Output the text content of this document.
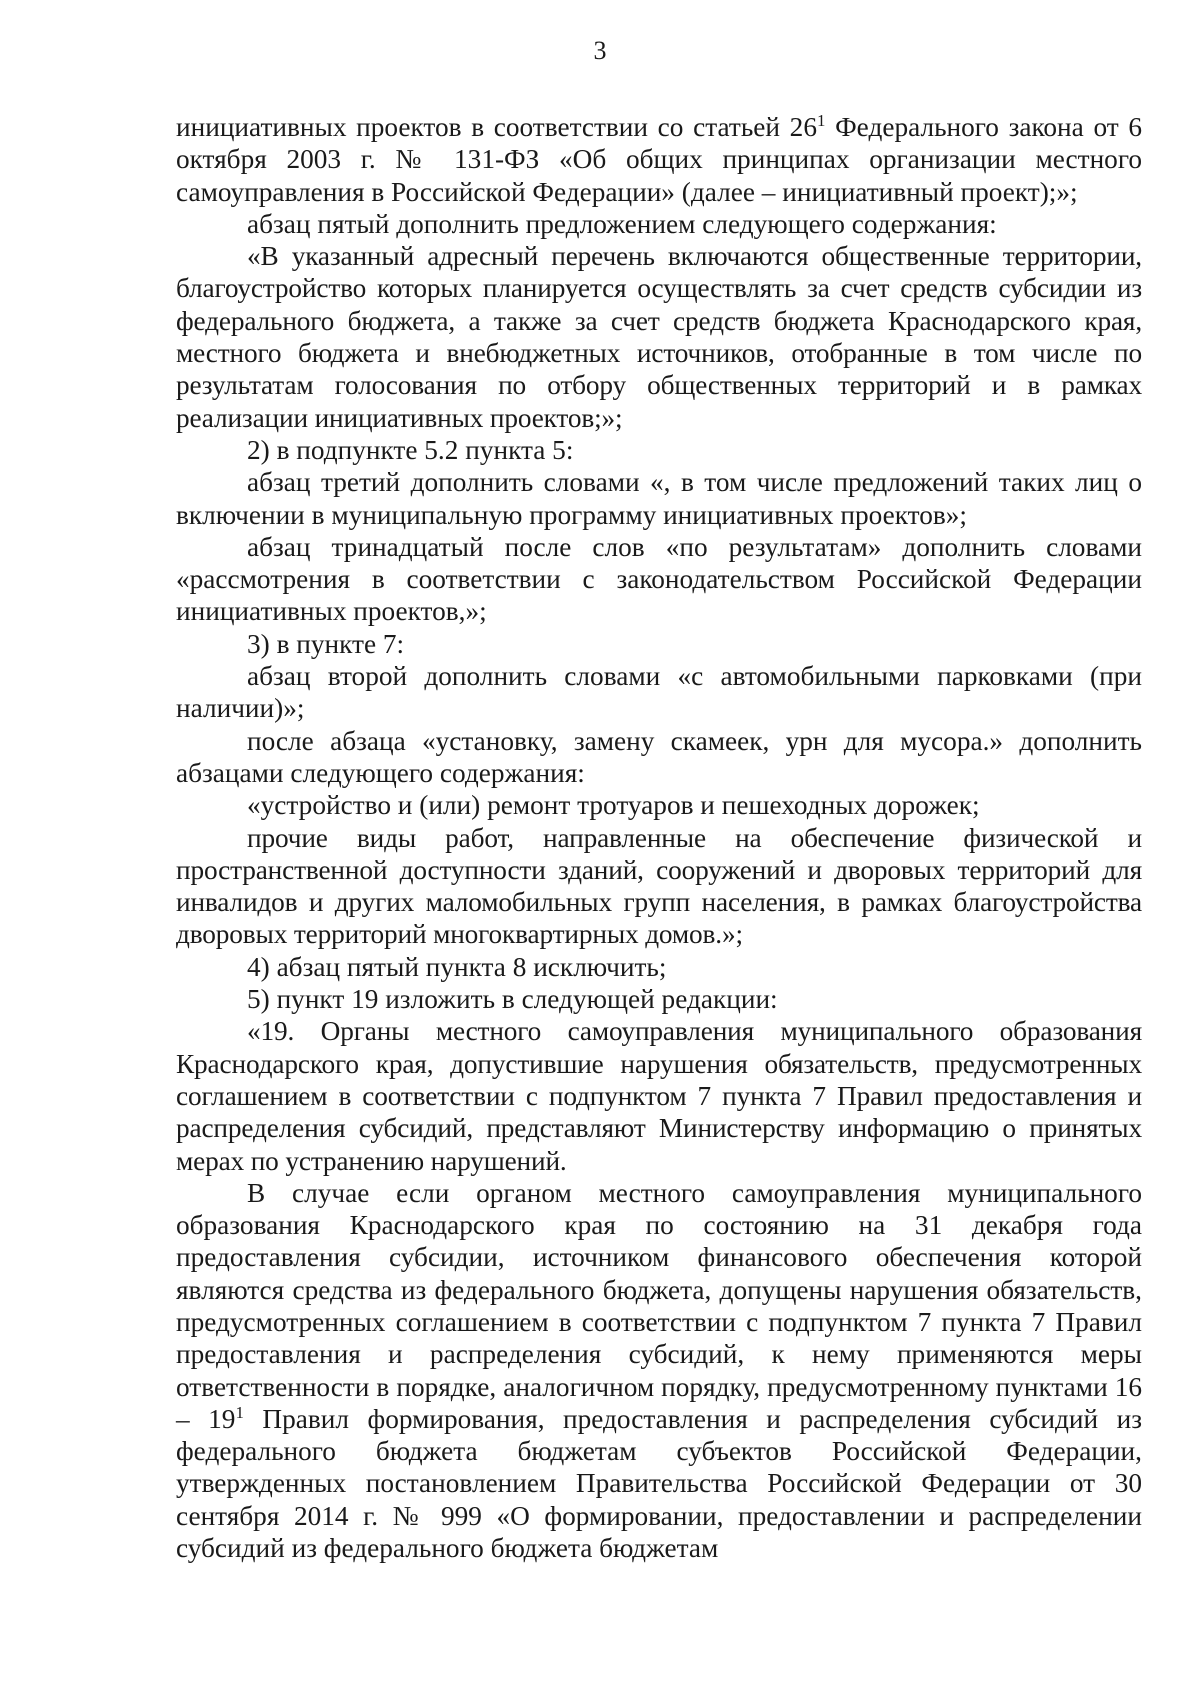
3

инициативных проектов в соответствии со статьей $26^1$ Федерального закона от 6 октября 2003 г. № 131-ФЗ «Об общих принципах организации местного самоуправления в Российской Федерации» (далее – инициативный проект);»;

абзац пятый дополнить предложением следующего содержания:

«В указанный адресный перечень включаются общественные территории, благоустройство которых планируется осуществлять за счет средств субсидии из федерального бюджета, а также за счет средств бюджета Краснодарского края, местного бюджета и внебюджетных источников, отобранные в том числе по результатам голосования по отбору общественных территорий и в рамках реализации инициативных проектов;»;

2) в подпункте 5.2 пункта 5:

абзац третий дополнить словами «, в том числе предложений таких лиц о включении в муниципальную программу инициативных проектов»;

абзац тринадцатый после слов «по результатам» дополнить словами «рассмотрения в соответствии с законодательством Российской Федерации инициативных проектов,»;

3) в пункте 7:

абзац второй дополнить словами «с автомобильными парковками (при наличии)»;

после абзаца «установку, замену скамеек, урн для мусора.» дополнить абзацами следующего содержания:

«устройство и (или) ремонт тротуаров и пешеходных дорожек;

прочие виды работ, направленные на обеспечение физической и пространственной доступности зданий, сооружений и дворовых территорий для инвалидов и других маломобильных групп населения, в рамках благоустройства дворовых территорий многоквартирных домов.»;

4) абзац пятый пункта 8 исключить;

5) пункт 19 изложить в следующей редакции:

«19. Органы местного самоуправления муниципального образования Краснодарского края, допустившие нарушения обязательств, предусмотренных соглашением в соответствии с подпунктом 7 пункта 7 Правил предоставления и распределения субсидий, представляют Министерству информацию о принятых мерах по устранению нарушений.

В случае если органом местного самоуправления муниципального образования Краснодарского края по состоянию на 31 декабря года предоставления субсидии, источником финансового обеспечения которой являются средства из федерального бюджета, допущены нарушения обязательств, предусмотренных соглашением в соответствии с подпунктом 7 пункта 7 Правил предоставления и распределения субсидий, к нему применяются меры ответственности в порядке, аналогичном порядку, предусмотренному пунктами $16 - 19^1$ Правил формирования, предоставления и распределения субсидий из федерального бюджета бюджетам субъектов Российской Федерации, утвержденных постановлением Правительства Российской Федерации от 30 сентября 2014 г. № 999 «О формировании, предоставлении и распределении субсидий из федерального бюджета бюджетам
